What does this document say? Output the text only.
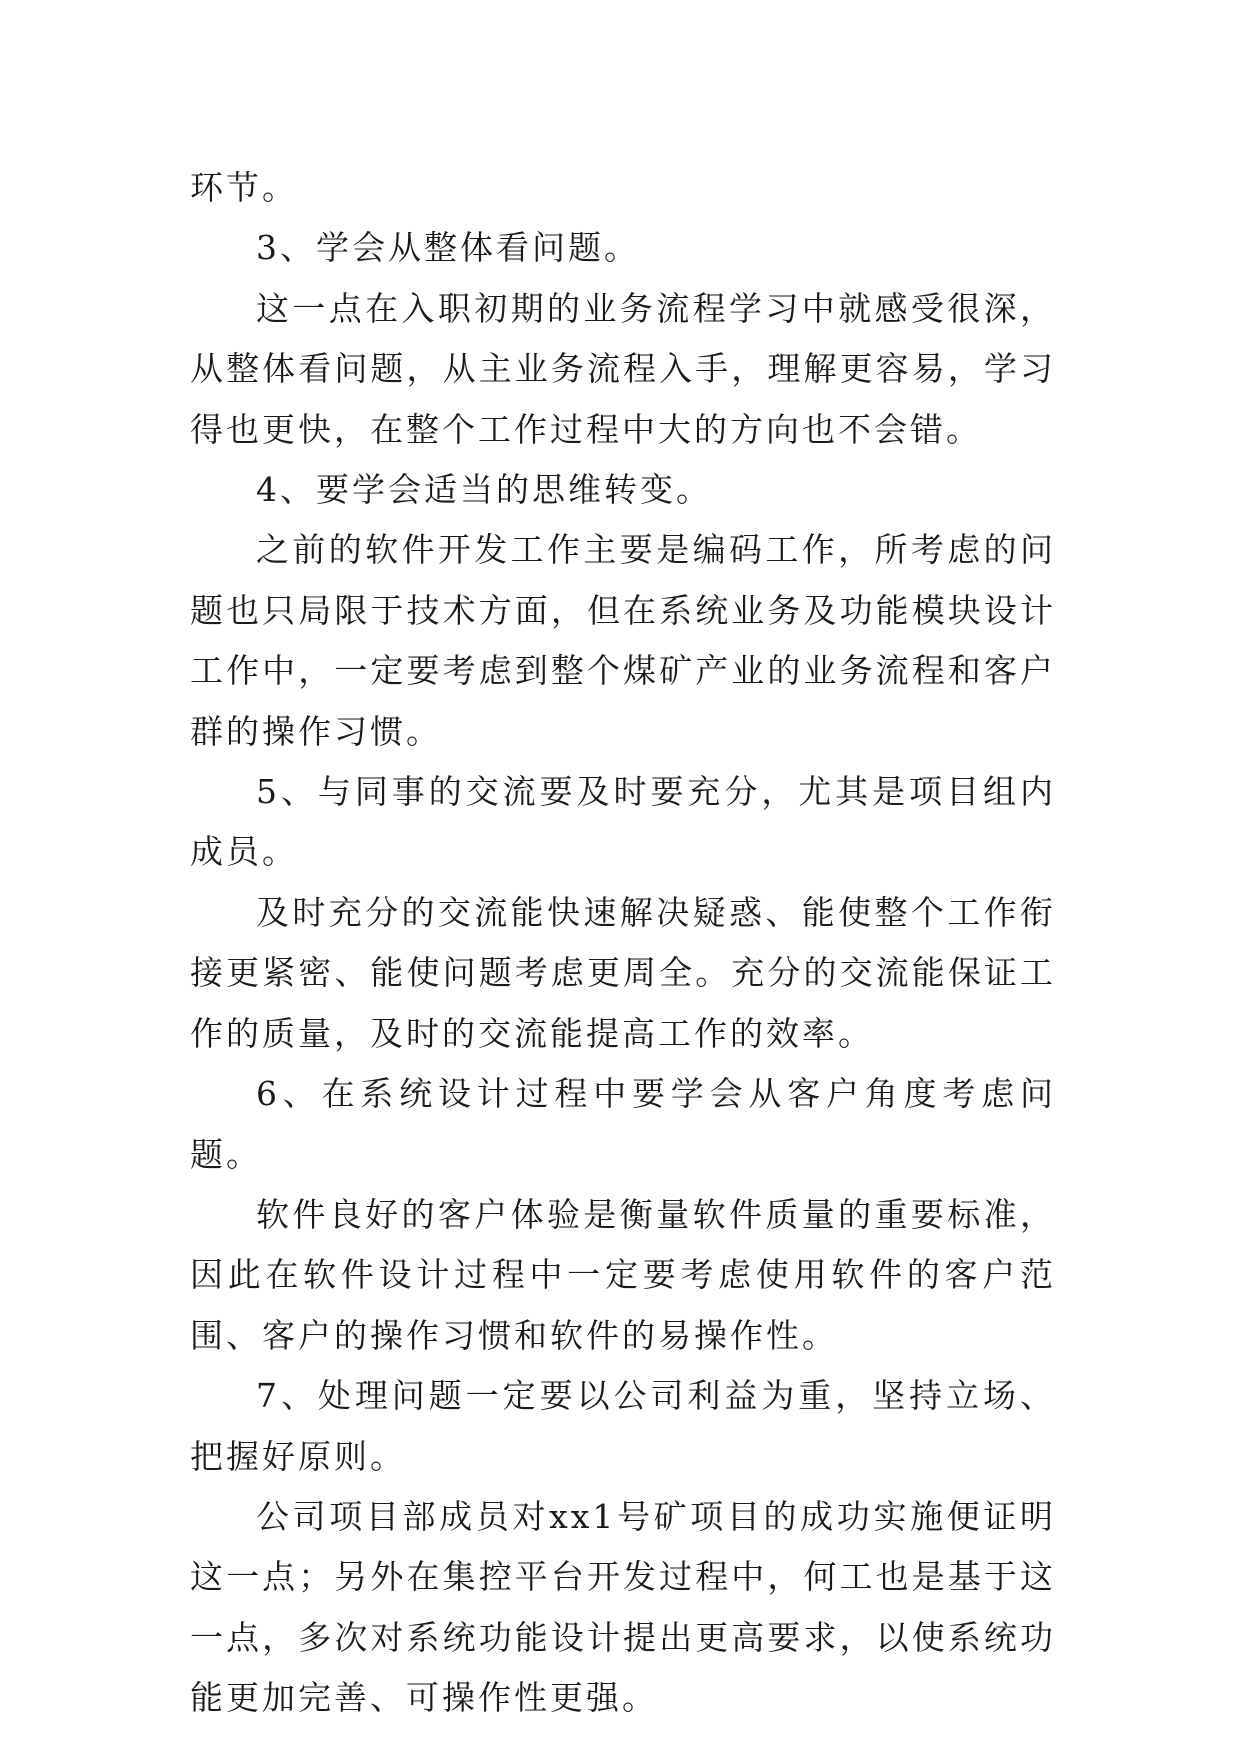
环节。

3、学会从整体看问题。

这一点在入职初期的业务流程学习中就感受很深，从整体看问题，从主业务流程入手，理解更容易，学习得也更快，在整个工作过程中大的方向也不会错。

4、要学会适当的思维转变。

之前的软件开发工作主要是编码工作，所考虑的问题也只局限于技术方面，但在系统业务及功能模块设计工作中，一定要考虑到整个煤矿产业的业务流程和客户群的操作习惯。

5、与同事的交流要及时要充分，尤其是项目组内成员。

及时充分的交流能快速解决疑惑、能使整个工作衔接更紧密、能使问题考虑更周全。充分的交流能保证工作的质量，及时的交流能提高工作的效率。

6、在系统设计过程中要学会从客户角度考虑问题。

软件良好的客户体验是衡量软件质量的重要标准，因此在软件设计过程中一定要考虑使用软件的客户范围、客户的操作习惯和软件的易操作性。

7、处理问题一定要以公司利益为重，坚持立场、把握好原则。

公司项目部成员对xx1号矿项目的成功实施便证明这一点；另外在集控平台开发过程中，何工也是基于这一点，多次对系统功能设计提出更高要求，以使系统功能更加完善、可操作性更强。
